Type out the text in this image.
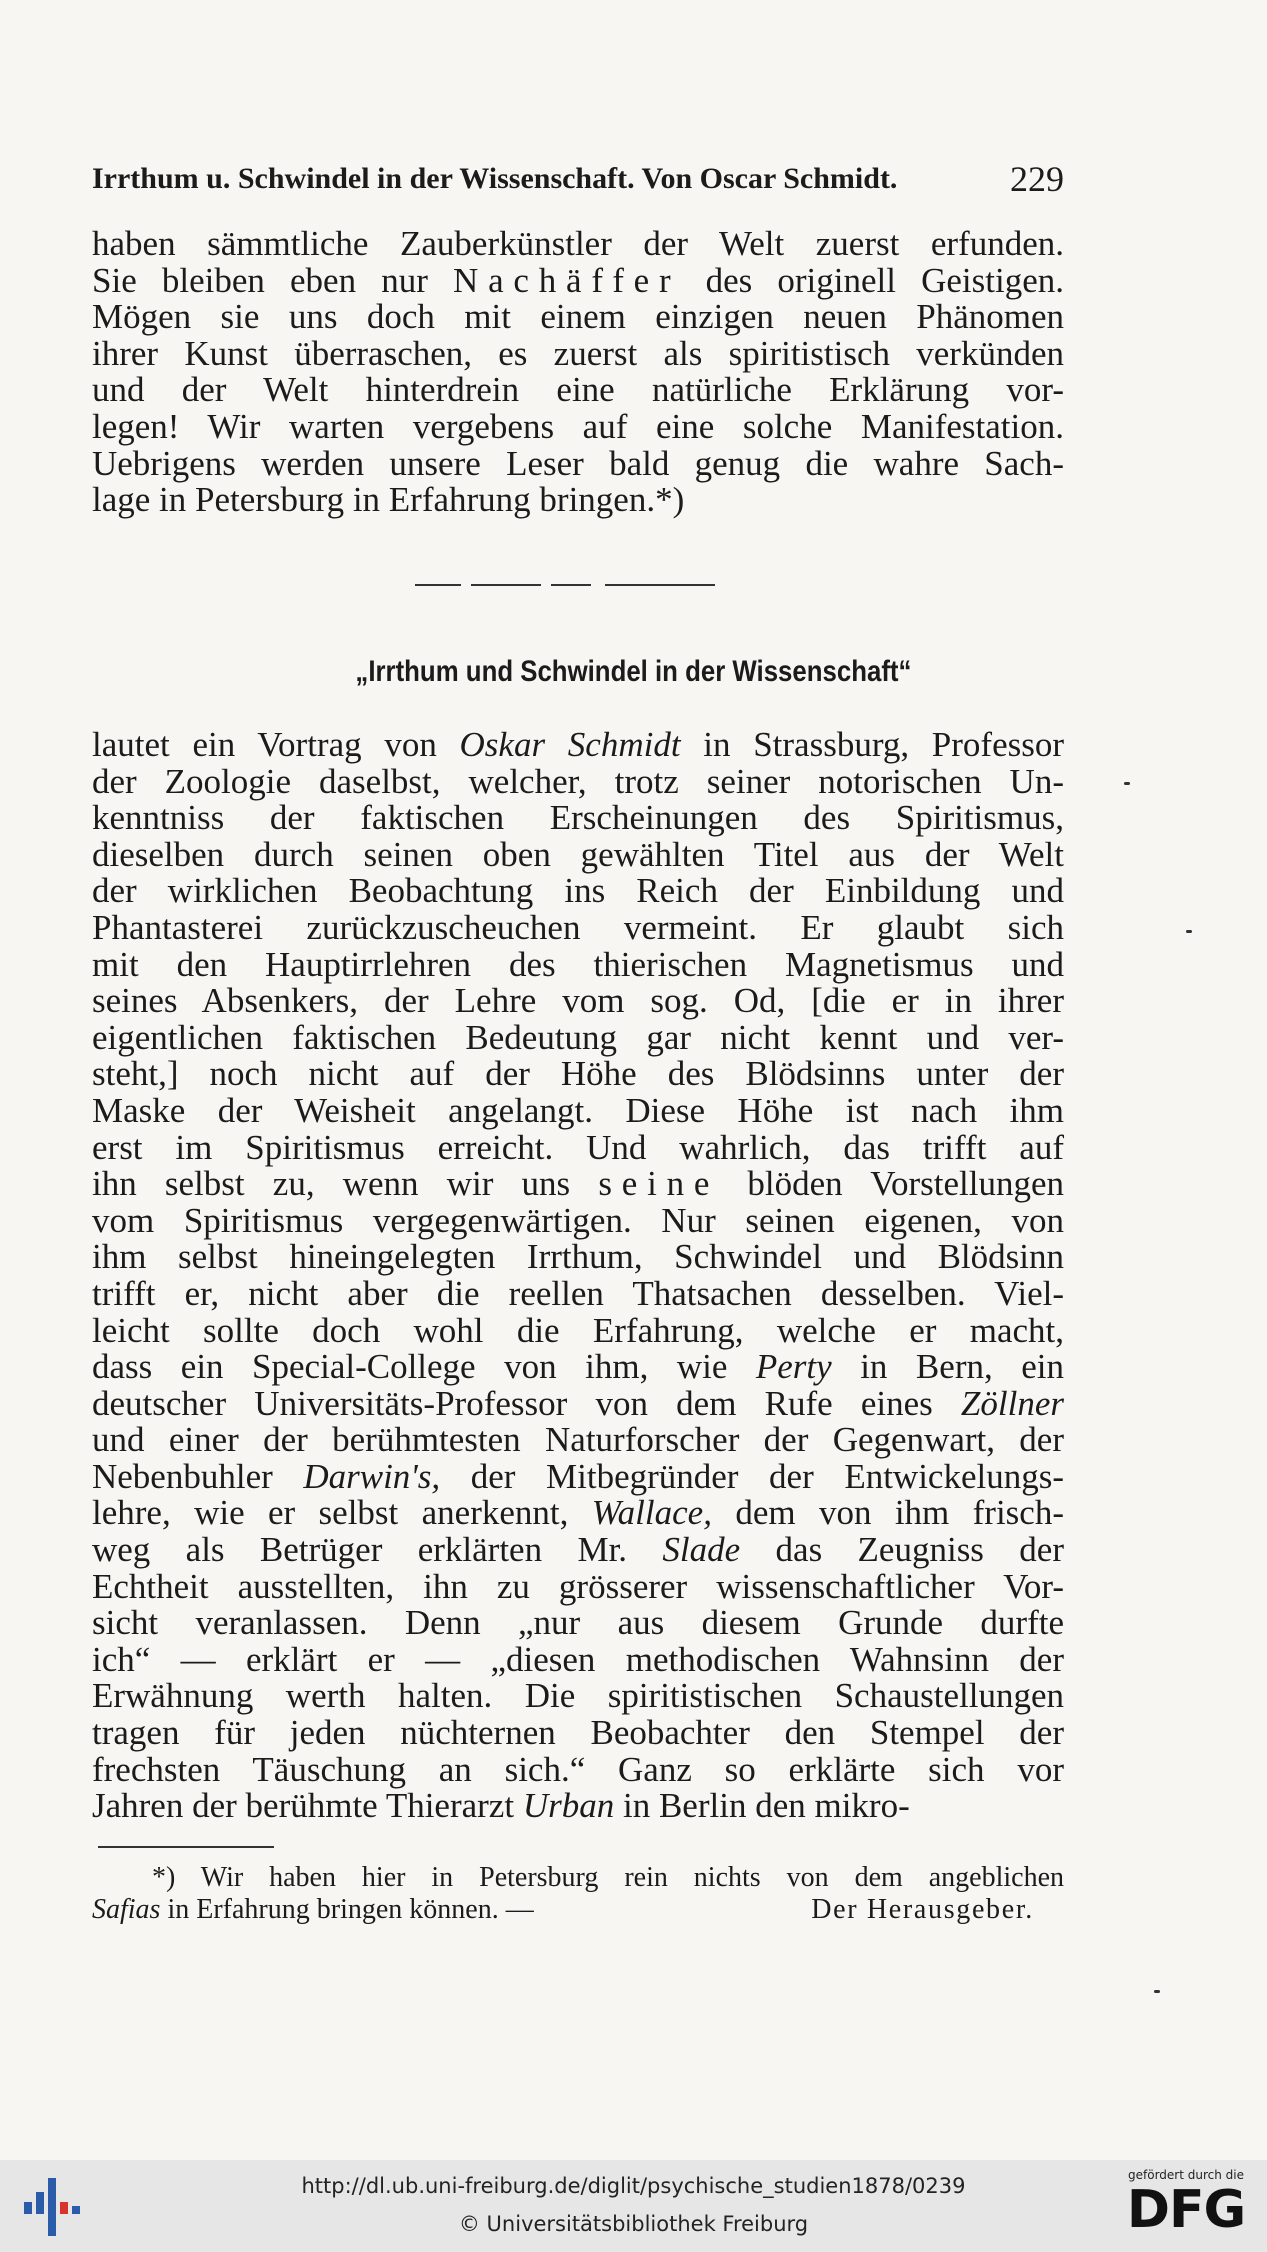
Irrthum u. Schwindel in der Wissenschaft. Von Oscar Schmidt.	229
haben sämmtliche Zauberkünstler der Welt zuerst erfunden.
Sie bleiben eben nur Nachäffer des originell Geistigen.
Mögen sie uns doch mit einem einzigen neuen Phänomen
ihrer Kunst überraschen, es zuerst als spiritistisch verkünden
und der Welt hinterdrein eine natürliche Erklärung vor-
legen! Wir warten vergebens auf eine solche Manifestation.
Uebrigens werden unsere Leser bald genug die wahre Sach-
lage in Petersburg in Erfahrung bringen.*)
„Irrthum und Schwindel in der Wissenschaft“
lautet ein Vortrag von Oskar Schmidt in Strassburg, Professor
der Zoologie daselbst, welcher, trotz seiner notorischen Un-
kenntniss der faktischen Erscheinungen des Spiritismus,
dieselben durch seinen oben gewählten Titel aus der Welt
der wirklichen Beobachtung ins Reich der Einbildung und
Phantasterei zurückzuscheuchen vermeint. Er glaubt sich
mit den Hauptirrlehren des thierischen Magnetismus und
seines Absenkers, der Lehre vom sog. Od, [die er in ihrer
eigentlichen faktischen Bedeutung gar nicht kennt und ver-
steht,] noch nicht auf der Höhe des Blödsinns unter der
Maske der Weisheit angelangt. Diese Höhe ist nach ihm
erst im Spiritismus erreicht. Und wahrlich, das trifft auf
ihn selbst zu, wenn wir uns seine blöden Vorstellungen
vom Spiritismus vergegenwärtigen. Nur seinen eigenen, von
ihm selbst hineingelegten Irrthum, Schwindel und Blödsinn
trifft er, nicht aber die reellen Thatsachen desselben. Viel-
leicht sollte doch wohl die Erfahrung, welche er macht,
dass ein Special-College von ihm, wie Perty in Bern, ein
deutscher Universitäts-Professor von dem Rufe eines Zöllner
und einer der berühmtesten Naturforscher der Gegenwart, der
Nebenbuhler Darwin's, der Mitbegründer der Entwickelungs-
lehre, wie er selbst anerkennt, Wallace, dem von ihm frisch-
weg als Betrüger erklärten Mr. Slade das Zeugniss der
Echtheit ausstellten, ihn zu grösserer wissenschaftlicher Vor-
sicht veranlassen. Denn „nur aus diesem Grunde durfte
ich“ — erklärt er — „diesen methodischen Wahnsinn der
Erwähnung werth halten. Die spiritistischen Schaustellungen
tragen für jeden nüchternen Beobachter den Stempel der
frechsten Täuschung an sich.“ Ganz so erklärte sich vor
Jahren der berühmte Thierarzt Urban in Berlin den mikro-
*) Wir haben hier in Petersburg rein nichts von dem angeblichen
Safias in Erfahrung bringen können. —	Der Herausgeber.
http://dl.ub.uni-freiburg.de/diglit/psychische_studien1878/0239
© Universitätsbibliothek Freiburg
gefördert durch die
DFG
